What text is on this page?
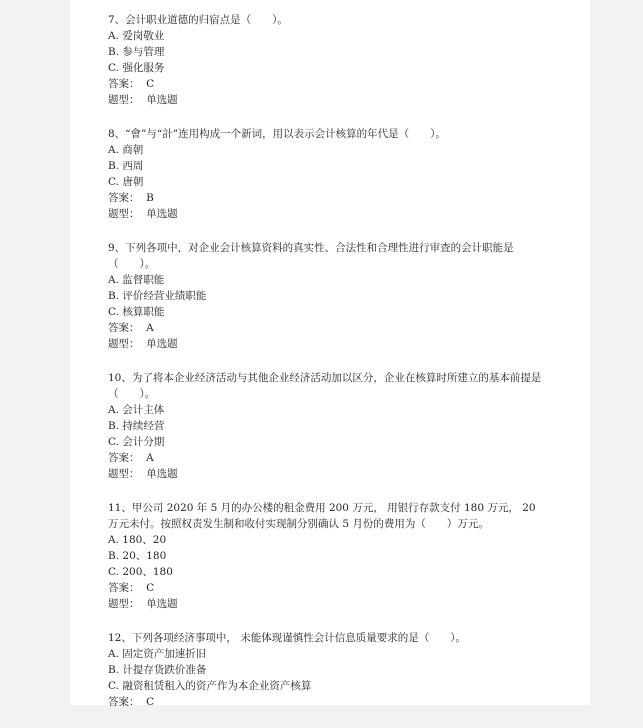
7、会计职业道德的归宿点是（　　）。
A. 爱岗敬业
B. 参与管理
C. 强化服务
答案：  C
题型：  单选题
8、“會”与“計”连用构成一个新词，用以表示会计核算的年代是（　　）。
A. 商朝
B. 西周
C. 唐朝
答案：  B
题型：  单选题
9、下列各项中，对企业会计核算资料的真实性、合法性和合理性进行审查的会计职能是（　　）。
A. 监督职能
B. 评价经营业绩职能
C. 核算职能
答案：  A
题型：  单选题
10、为了将本企业经济活动与其他企业经济活动加以区分，企业在核算时所建立的基本前提是（　　）。
A. 会计主体
B. 持续经营
C. 会计分期
答案：  A
题型：  单选题
11、甲公司 2020 年 5 月的办公楼的租金费用 200 万元， 用银行存款支付 180 万元， 20 万元未付。按照权责发生制和收付实现制分别确认 5 月份的费用为（　　）万元。
A. 180、20
B. 20、180
C. 200、180
答案：  C
题型：  单选题
12、下列各项经济事项中， 未能体现谨慎性会计信息质量要求的是（　　）。
A. 固定资产加速折旧
B. 计提存货跌价准备
C. 融资租赁租入的资产作为本企业资产核算
答案：  C
